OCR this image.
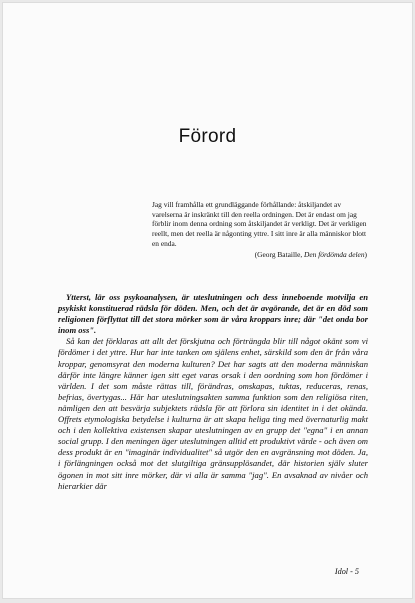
Förord
Jag vill framhålla ett grundläggande förhållande: åtskiljandet av varelserna är inskränkt till den reella ordningen. Det är endast om jag förblir inom denna ordning som åtskiljandet är verkligt. Det är verkligen reellt, men det reella är någonting yttre. I sitt inre är alla människor blott en enda.
(Georg Bataille, Den fördömda delen)

Ytterst, lär oss psykoanalysen, är uteslutningen och dess inneboende motvilja en psykiskt konstituerad rädsla för döden. Men, och det är avgörande, det är en död som religionen förflyttat till det stora mörker som är våra kroppars inre; där "det onda bor inom oss".

Så kan det förklaras att allt det förskjutna och förträngda blir till något okänt som vi fördömer i det yttre. Hur har inte tanken om själens enhet, särskild som den är från våra kroppar, genomsyrat den moderna kulturen? Det har sagts att den moderna människan därför inte längre känner igen sitt eget varas orsak i den oordning som hon fördömer i världen. I det som måste rättas till, förändras, omskapas, tuktas, reduceras, renas, befrias, övertygas... Här har uteslutningsakten samma funktion som den religiösa riten, nämligen den att besvärja subjektets rädsla för att förlora sin identitet in i det okända. Offrets etymologiska betydelse i kulturna är att skapa heliga ting med övernaturlig makt och i den kollektiva existensen skapar uteslutningen av en grupp det "egna" i en annan social grupp. I den meningen äger uteslutningen alltid ett produktivt värde - och även om dess produkt är en "imaginär individualitet" så utgör den en avgränsning mot döden. Ja, i förlängningen också mot det slutgiltiga gränsupplösandet, där historien själv sluter ögonen in mot sitt inre mörker, där vi alla är samma "jag". En avsaknad av nivåer och hierarkier där

Idol - 5
